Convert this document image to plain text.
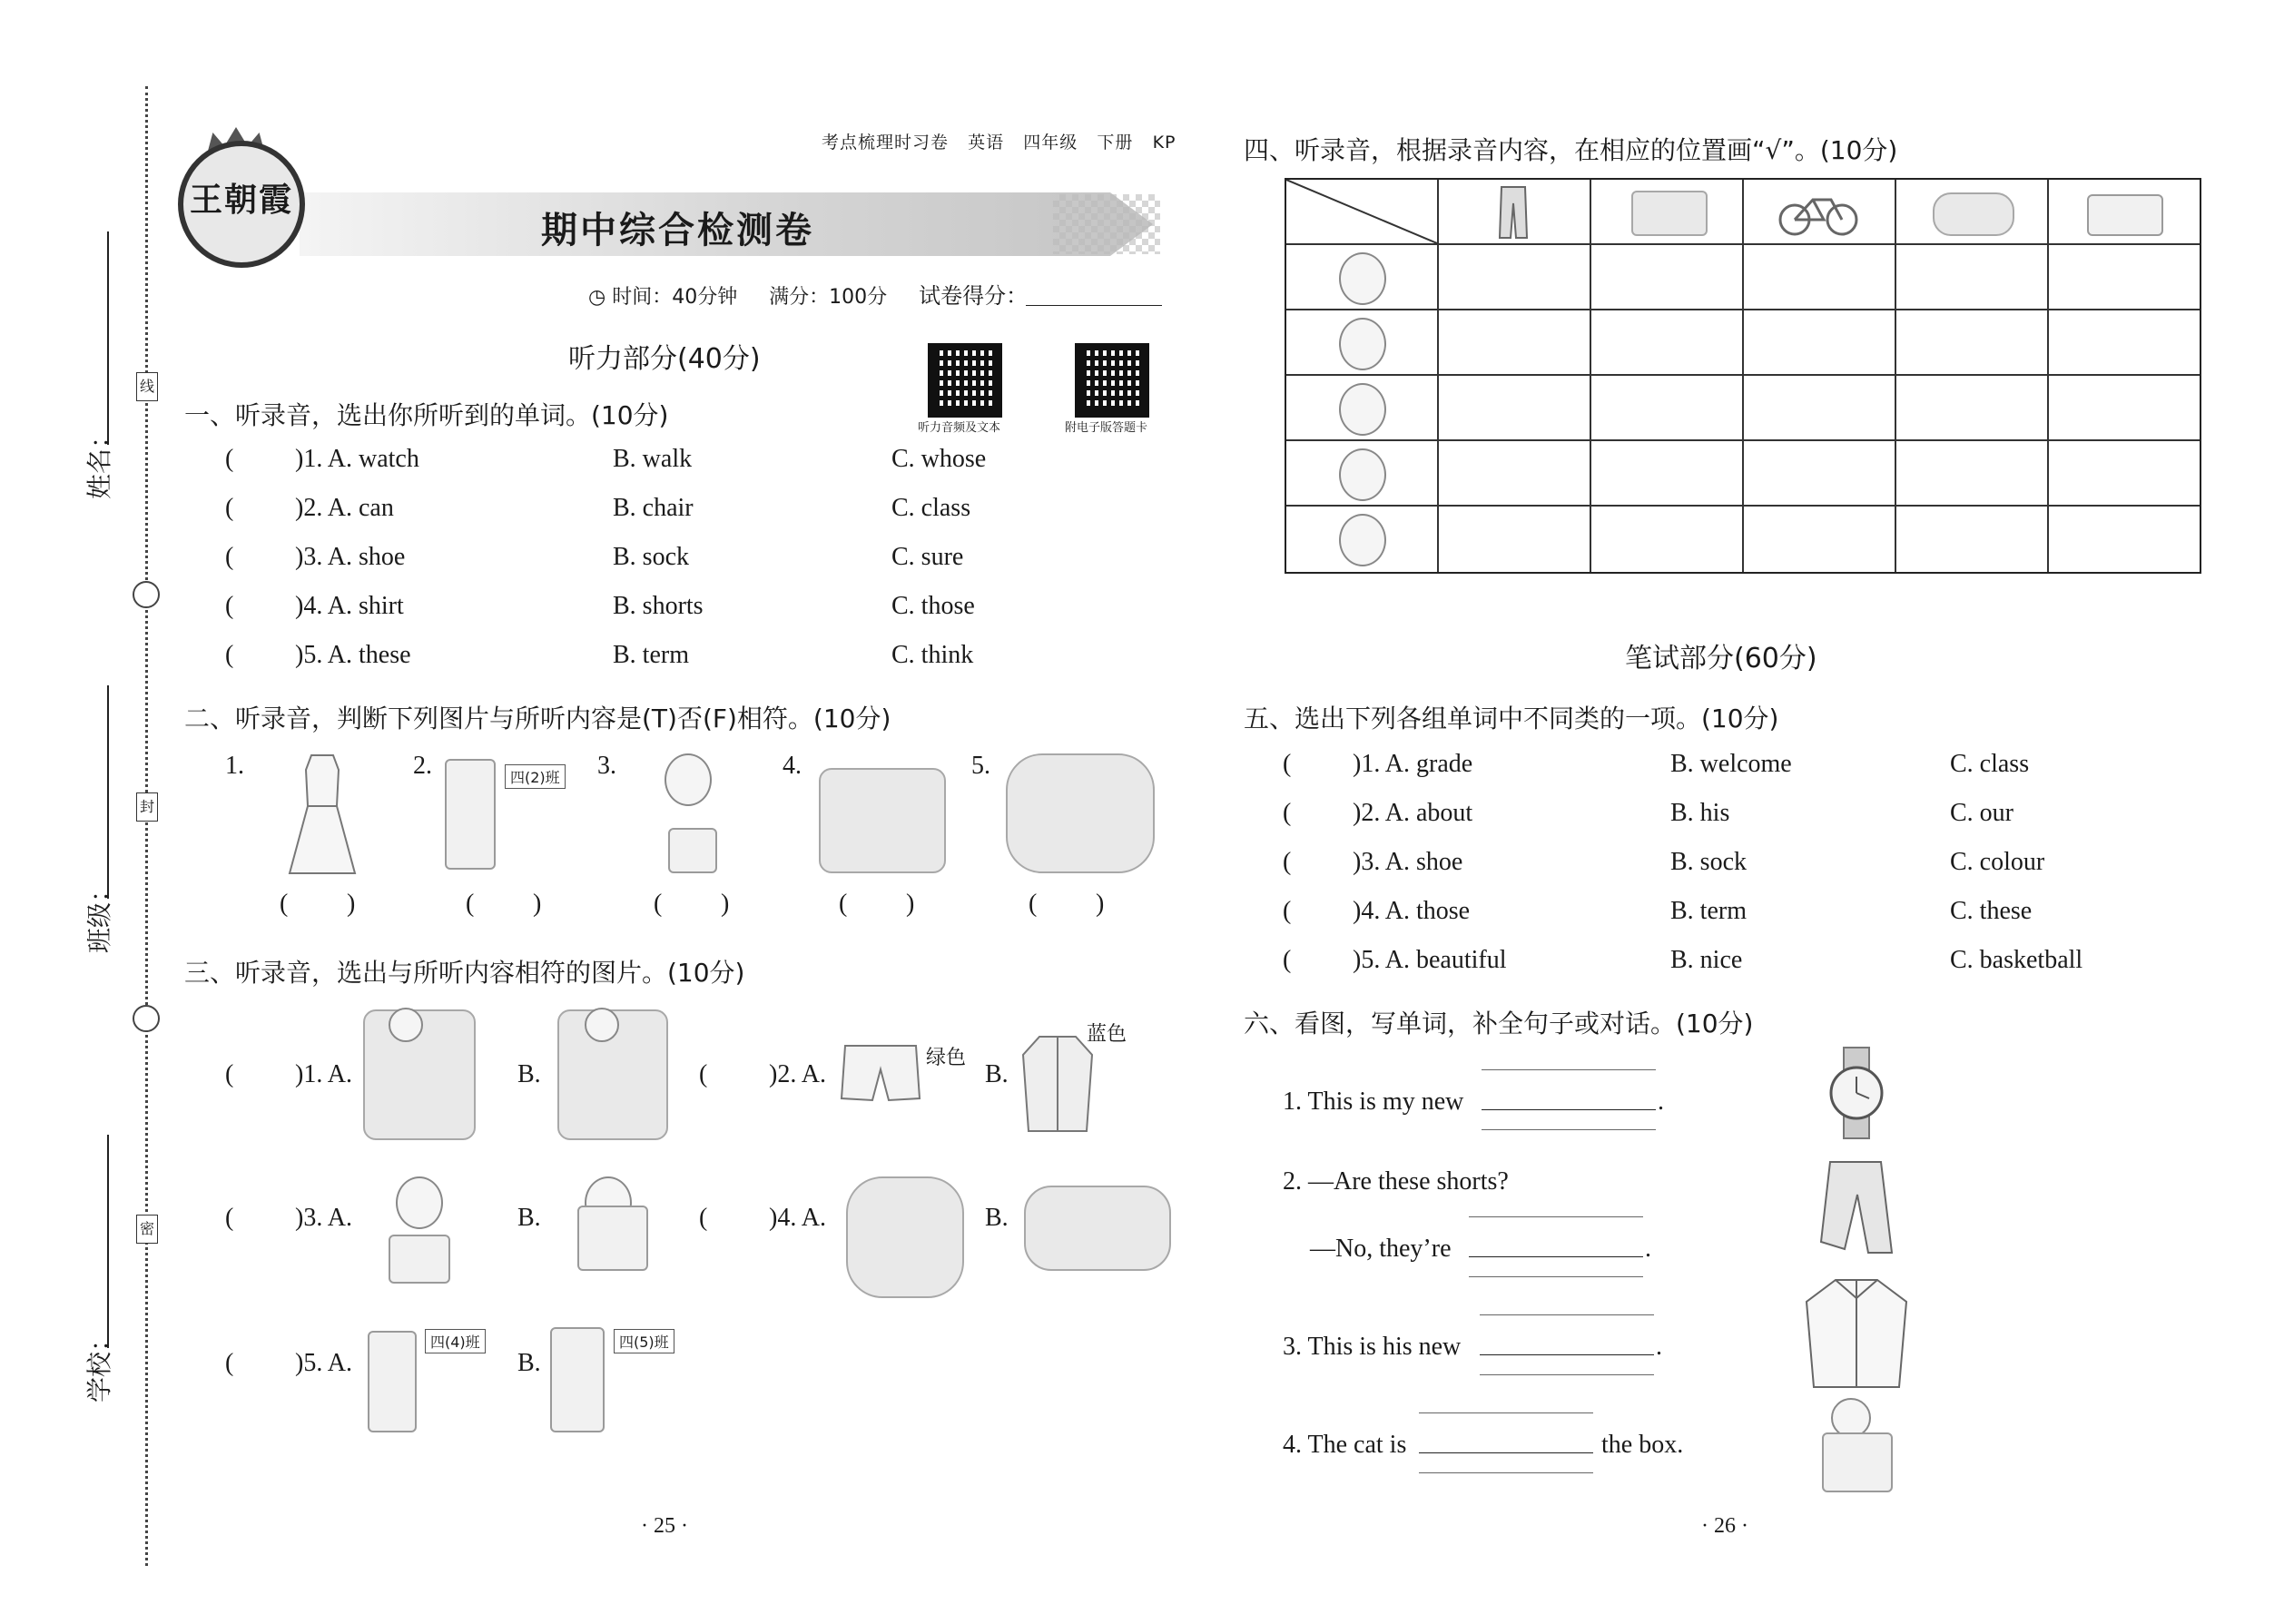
姓名：
班级：
学校：
线
封
密
王朝霞
考点梳理时习卷 英语 四年级 下册 KP
期中综合检测卷
◷ 时间：40分钟 满分：100分 试卷得分：
听力音频及文本	附电子版答题卡
听力部分(40分)
一、听录音，选出你所听到的单词。(10分)
( )1. A. watch	B. walk	C. whose
( )2. A. can	B. chair	C. class
( )3. A. shoe	B. sock	C. sure
( )4. A. shirt	B. shorts	C. those
( )5. A. these	B. term	C. think
二、听录音，判断下列图片与所听内容是(T)否(F)相符。(10分)
1.	2.	四(2)班 3.	4.	5.
( )	( )	( )	( )	( )
三、听录音，选出与所听内容相符的图片。(10分)
( )1. A.	B.	( )2. A.
绿色
B.
蓝色
( )3. A.	B.	( )4. A.	B.
( )5. A.
四(4)班
B.
四(5)班
· 25 ·
四、听录音，根据录音内容，在相应的位置画“√”。(10分)
笔试部分(60分)
五、选出下列各组单词中不同类的一项。(10分)
( )1. A. grade	B. welcome	C. class
( )2. A. about	B. his	C. our
( )3. A. shoe	B. sock	C. colour
( )4. A. those	B. term	C. these
( )5. A. beautiful	B. nice	C. basketball
六、看图，写单词，补全句子或对话。(10分)
1. This is my new	.
2. —Are these shorts?
—No, they’re	.
3. This is his new	.
4. The cat is	the box.
· 26 ·
